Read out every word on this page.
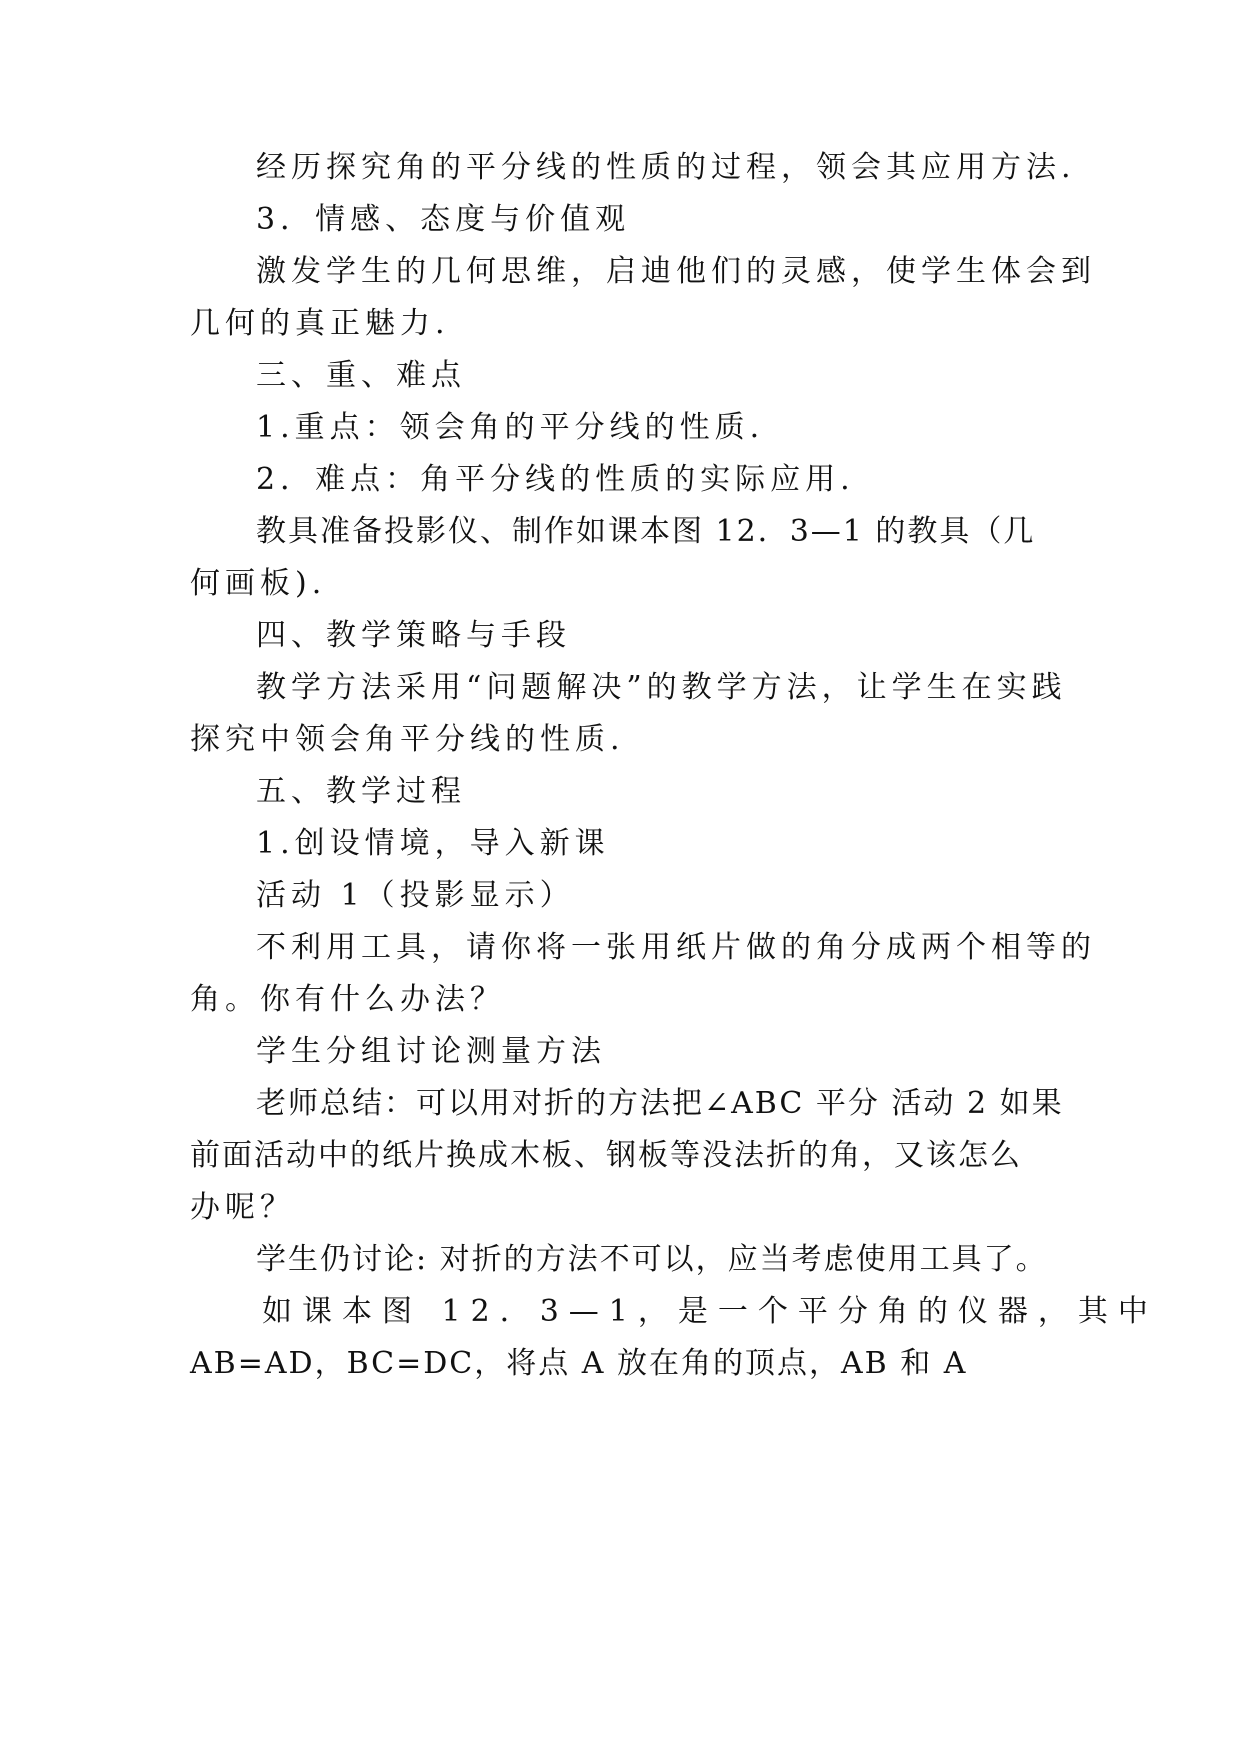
经历探究角的平分线的性质的过程，领会其应用方法.
3．情感、态度与价值观
激发学生的几何思维，启迪他们的灵感，使学生体会到
几何的真正魅力.
三、重、难点
1.重点：领会角的平分线的性质.
2．难点：角平分线的性质的实际应用.
教具准备投影仪、制作如课本图 12．3—1 的教具（几
何画板).
四、教学策略与手段
教学方法采用“问题解决”的教学方法，让学生在实践
探究中领会角平分线的性质.
五、教学过程
1.创设情境，导入新课
活动 1（投影显示）
不利用工具，请你将一张用纸片做的角分成两个相等的
角。你有什么办法？
学生分组讨论测量方法
老师总结：可以用对折的方法把∠ABC 平分 活动 2 如果
前面活动中的纸片换成木板、钢板等没法折的角，又该怎么
办呢？
学生仍讨论: 对折的方法不可以，应当考虑使用工具了。
如课本图 12．3—1，是一个平分角的仪器，其中
AB=AD，BC=DC，将点 A 放在角的顶点，AB 和 A
